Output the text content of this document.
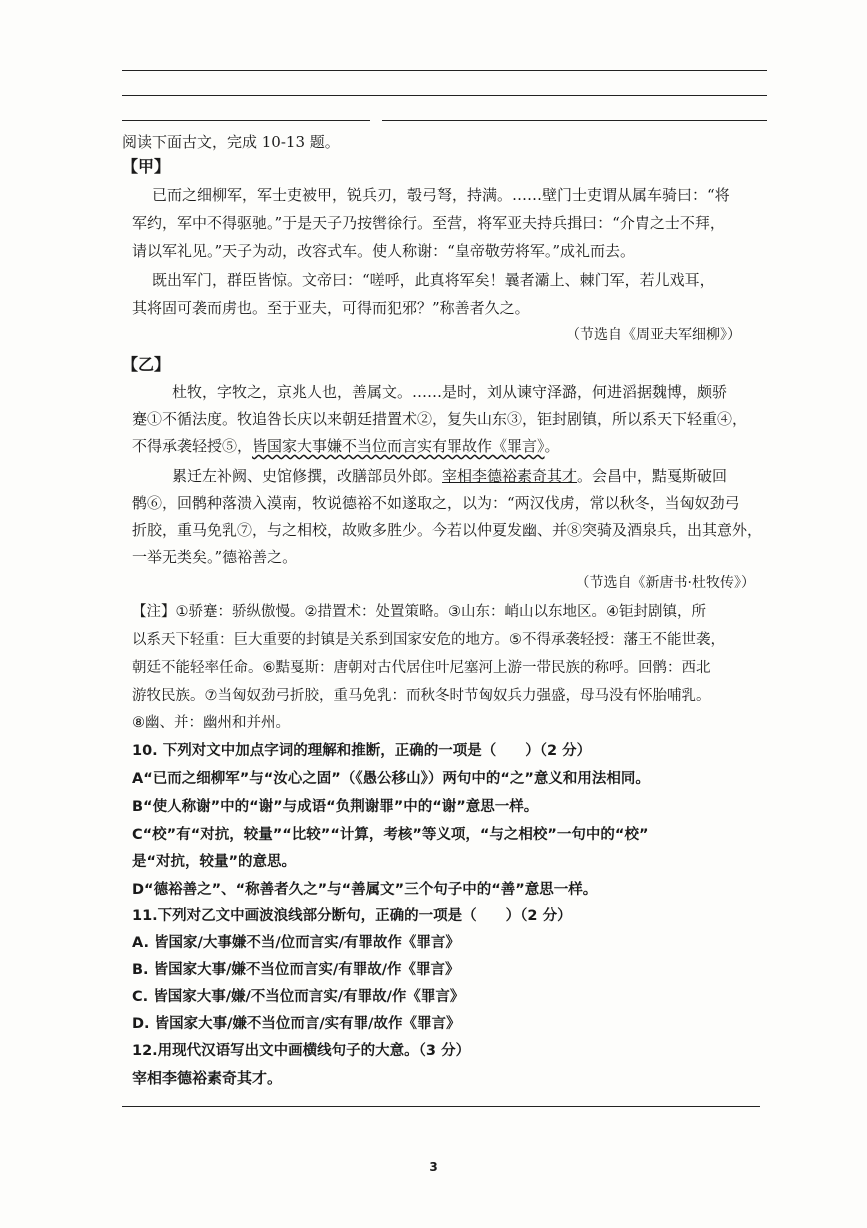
阅读下面古文，完成 10-13 题。
【甲】
已而之细柳军，军士吏被甲，锐兵刃，彀弓弩，持满。……壁门士吏谓从属车骑曰：“将
军约，军中不得驱驰。”于是天子乃按辔徐行。至营，将军亚夫持兵揖曰：“介胄之士不拜，
请以军礼见。”天子为动，改容式车。使人称谢：“皇帝敬劳将军。”成礼而去。
既出军门，群臣皆惊。文帝曰：“嗟呼，此真将军矣！曩者灞上、棘门军，若儿戏耳，
其将固可袭而虏也。至于亚夫，可得而犯邪？”称善者久之。
（节选自《周亚夫军细柳》）
【乙】
杜牧，字牧之，京兆人也，善属文。……是时，刘从谏守泽潞，何进滔据魏博，颇骄
蹇①不循法度。牧追咎长庆以来朝廷措置术②，复失山东③，钜封剧镇，所以系天下轻重④，
不得承袭轻授⑤，皆国家大事嫌不当位而言实有罪故作《罪言》。
累迁左补阙、史馆修撰，改膳部员外郎。宰相李德裕素奇其才。会昌中，黠戛斯破回
鹘⑥，回鹘种落溃入漠南，牧说德裕不如遂取之，以为：“两汉伐虏，常以秋冬，当匈奴劲弓
折胶，重马免乳⑦，与之相校，故败多胜少。今若以仲夏发幽、并⑧突骑及酒泉兵，出其意外，
一举无类矣。”德裕善之。
（节选自《新唐书·杜牧传》）
【注】①骄蹇：骄纵傲慢。②措置术：处置策略。③山东：峭山以东地区。④钜封剧镇，所
以系天下轻重：巨大重要的封镇是关系到国家安危的地方。⑤不得承袭轻授：藩王不能世袭，
朝廷不能轻率任命。⑥黠戛斯：唐朝对古代居住叶尼塞河上游一带民族的称呼。回鹘：西北
游牧民族。⑦当匈奴劲弓折胶，重马免乳：而秋冬时节匈奴兵力强盛，母马没有怀胎哺乳。
⑧幽、并：幽州和并州。
10. 下列对文中加点字词的理解和推断，正确的一项是（　　）（2 分）
A“已而之细柳军”与“汝心之固”（《愚公移山》）两句中的“之”意义和用法相同。
B“使人称谢”中的“谢”与成语“负荆谢罪”中的“谢”意思一样。
C“校”有“对抗，较量”“比较”“计算，考核”等义项，“与之相校”一句中的“校”
是“对抗，较量”的意思。
D“德裕善之”、“称善者久之”与“善属文”三个句子中的“善”意思一样。
11.下列对乙文中画波浪线部分断句，正确的一项是（　　）（2 分）
A. 皆国家/大事嫌不当/位而言实/有罪故作《罪言》
B. 皆国家大事/嫌不当位而言实/有罪故/作《罪言》
C. 皆国家大事/嫌/不当位而言实/有罪故/作《罪言》
D. 皆国家大事/嫌不当位而言/实有罪/故作《罪言》
12.用现代汉语写出文中画横线句子的大意。（3 分）
宰相李德裕素奇其才。
3
